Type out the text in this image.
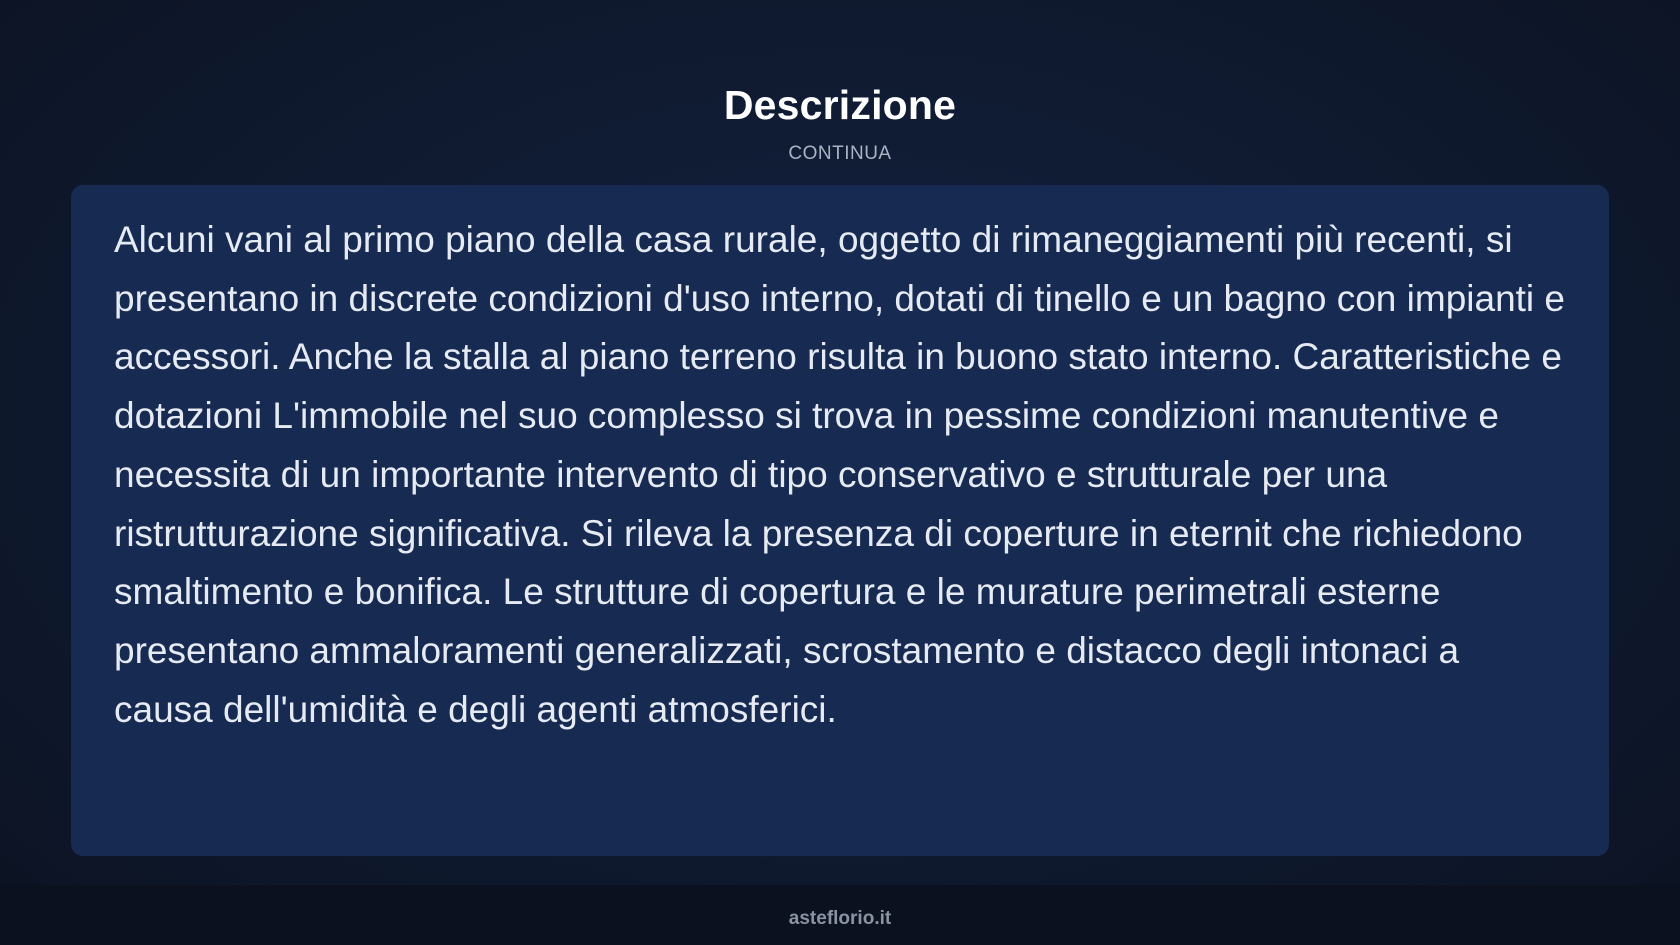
Descrizione
CONTINUA

Alcuni vani al primo piano della casa rurale, oggetto di rimaneggiamenti più recenti, si presentano in discrete condizioni d'uso interno, dotati di tinello e un bagno con impianti e accessori. Anche la stalla al piano terreno risulta in buono stato interno. Caratteristiche e dotazioni L'immobile nel suo complesso si trova in pessime condizioni manutentive e necessita di un importante intervento di tipo conservativo e strutturale per una ristrutturazione significativa. Si rileva la presenza di coperture in eternit che richiedono smaltimento e bonifica. Le strutture di copertura e le murature perimetrali esterne presentano ammaloramenti generalizzati, scrostamento e distacco degli intonaci a causa dell'umidità e degli agenti atmosferici.

asteflorio.it
